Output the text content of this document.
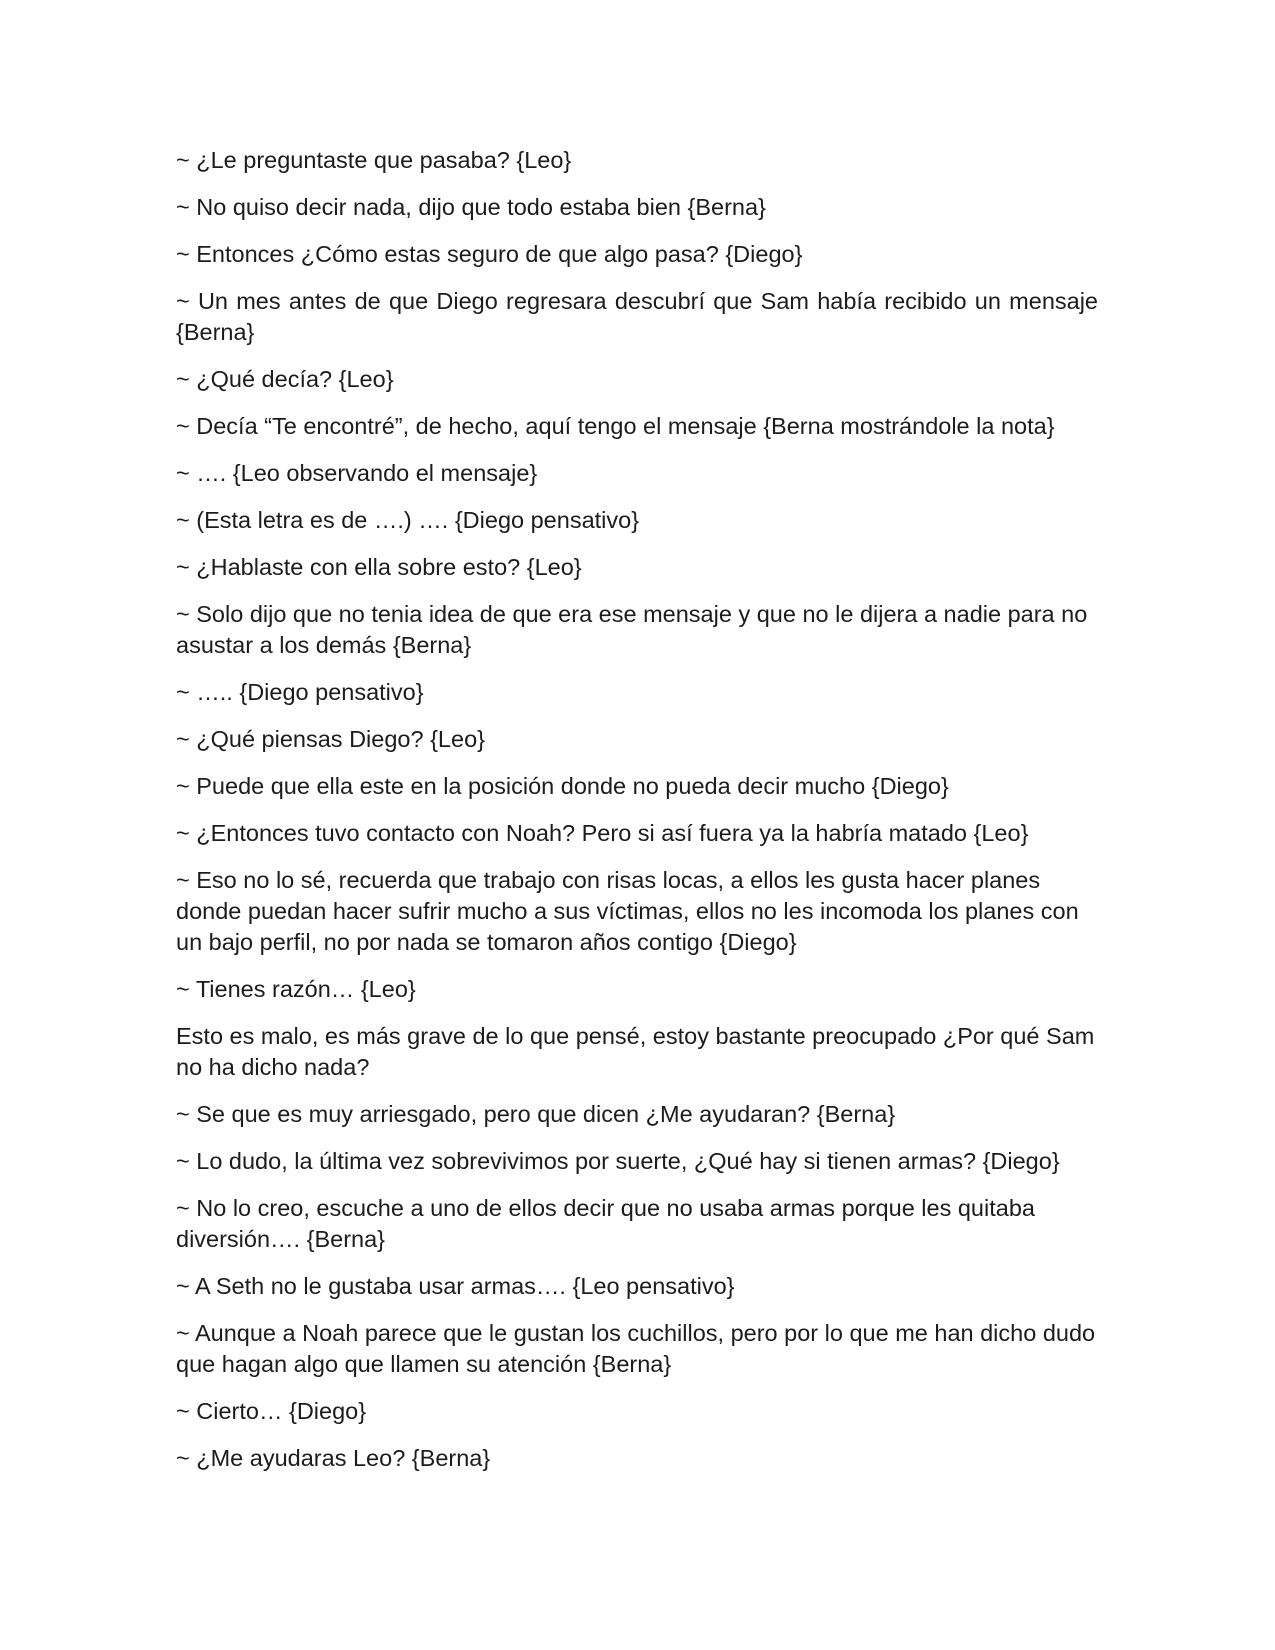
~ ¿Le preguntaste que pasaba? {Leo}

~ No quiso decir nada, dijo que todo estaba bien {Berna}

~ Entonces ¿Cómo estas seguro de que algo pasa? {Diego}

~ Un mes antes de que Diego regresara descubrí que Sam había recibido un mensaje {Berna}

~ ¿Qué decía? {Leo}

~ Decía “Te encontré”, de hecho, aquí tengo el mensaje {Berna mostrándole la nota}

~ …. {Leo observando el mensaje}

~ (Esta letra es de ….) …. {Diego pensativo}

~ ¿Hablaste con ella sobre esto? {Leo}

~ Solo dijo que no tenia idea de que era ese mensaje y que no le dijera a nadie para no asustar a los demás {Berna}

~ ….. {Diego pensativo}

~ ¿Qué piensas Diego? {Leo}

~ Puede que ella este en la posición donde no pueda decir mucho {Diego}

~ ¿Entonces tuvo contacto con Noah? Pero si así fuera ya la habría matado {Leo}

~ Eso no lo sé, recuerda que trabajo con risas locas, a ellos les gusta hacer planes donde puedan hacer sufrir mucho a sus víctimas, ellos no les incomoda los planes con un bajo perfil, no por nada se tomaron años contigo {Diego}

~ Tienes razón… {Leo}

Esto es malo, es más grave de lo que pensé, estoy bastante preocupado ¿Por qué Sam no ha dicho nada?

~ Se que es muy arriesgado, pero que dicen ¿Me ayudaran? {Berna}

~ Lo dudo, la última vez sobrevivimos por suerte, ¿Qué hay si tienen armas? {Diego}

~ No lo creo, escuche a uno de ellos decir que no usaba armas porque les quitaba diversión…. {Berna}

~ A Seth no le gustaba usar armas…. {Leo pensativo}

~ Aunque a Noah parece que le gustan los cuchillos, pero por lo que me han dicho dudo que hagan algo que llamen su atención {Berna}

~ Cierto… {Diego}

~ ¿Me ayudaras Leo? {Berna}
